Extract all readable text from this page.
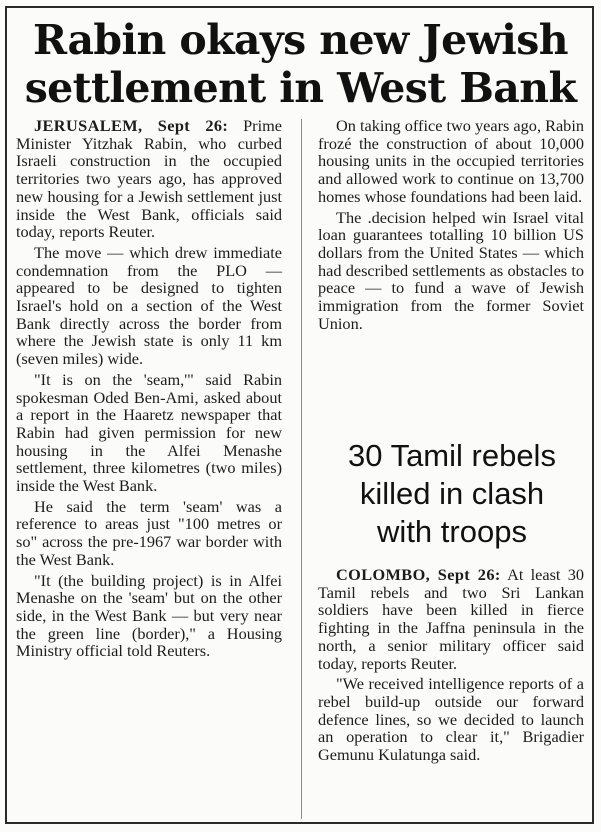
Rabin okays new Jewish
settlement in West Bank

JERUSALEM, Sept 26: Prime Minister Yitzhak Rabin, who curbed Israeli construction in the occupied territories two years ago, has approved new housing for a Jewish settlement just inside the West Bank, officials said today, reports Reuter.

The move — which drew immediate condemnation from the PLO — appeared to be designed to tighten Israel's hold on a section of the West Bank directly across the border from where the Jewish state is only 11 km (seven miles) wide.

"It is on the 'seam,'" said Rabin spokesman Oded Ben-Ami, asked about a report in the Haaretz newspaper that Rabin had given permission for new housing in the Alfei Menashe settlement, three kilometres (two miles) inside the West Bank.

He said the term 'seam' was a reference to areas just "100 metres or so" across the pre-1967 war border with the West Bank.

"It (the building project) is in Alfei Menashe on the 'seam' but on the other side, in the West Bank — but very near the green line (border)," a Housing Ministry official told Reuters.

On taking office two years ago, Rabin frozé the construction of about 10,000 housing units in the occupied territories and allowed work to continue on 13,700 homes whose foundations had been laid.

The .decision helped win Israel vital loan guarantees totalling 10 billion US dollars from the United States — which had described settlements as obstacles to peace — to fund a wave of Jewish immigration from the former Soviet Union.

30 Tamil rebels
killed in clash
with troops

COLOMBO, Sept 26: At least 30 Tamil rebels and two Sri Lankan soldiers have been killed in fierce fighting in the Jaffna peninsula in the north, a senior military officer said today, reports Reuter.

"We received intelligence reports of a rebel build-up outside our forward defence lines, so we decided to launch an operation to clear it," Brigadier Gemunu Kulatunga said.
